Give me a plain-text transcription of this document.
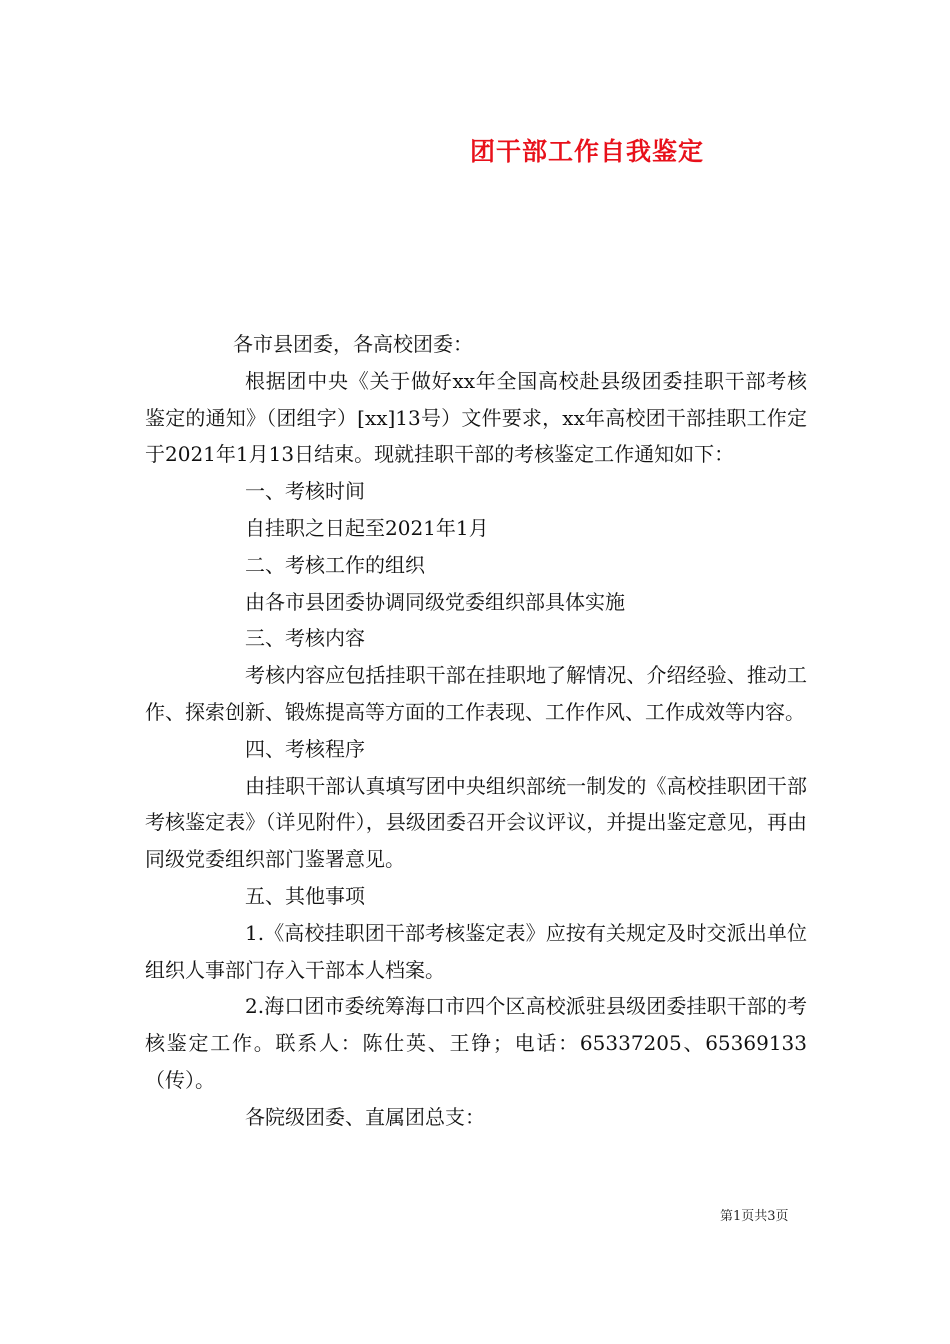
团干部工作自我鉴定

各市县团委，各高校团委：

根据团中央《关于做好xx年全国高校赴县级团委挂职干部考核鉴定的通知》（团组字）[xx]13号）文件要求，xx年高校团干部挂职工作定于2021年1月13日结束。现就挂职干部的考核鉴定工作通知如下：

一、考核时间

自挂职之日起至2021年1月

二、考核工作的组织

由各市县团委协调同级党委组织部具体实施

三、考核内容

考核内容应包括挂职干部在挂职地了解情况、介绍经验、推动工作、探索创新、锻炼提高等方面的工作表现、工作作风、工作成效等内容。

四、考核程序

由挂职干部认真填写团中央组织部统一制发的《高校挂职团干部考核鉴定表》（详见附件），县级团委召开会议评议，并提出鉴定意见，再由同级党委组织部门鉴署意见。

五、其他事项

1.《高校挂职团干部考核鉴定表》应按有关规定及时交派出单位组织人事部门存入干部本人档案。

2.海口团市委统筹海口市四个区高校派驻县级团委挂职干部的考核鉴定工作。联系人：陈仕英、王铮；电话：65337205、65369133（传）。

各院级团委、直属团总支：

第1页共3页
